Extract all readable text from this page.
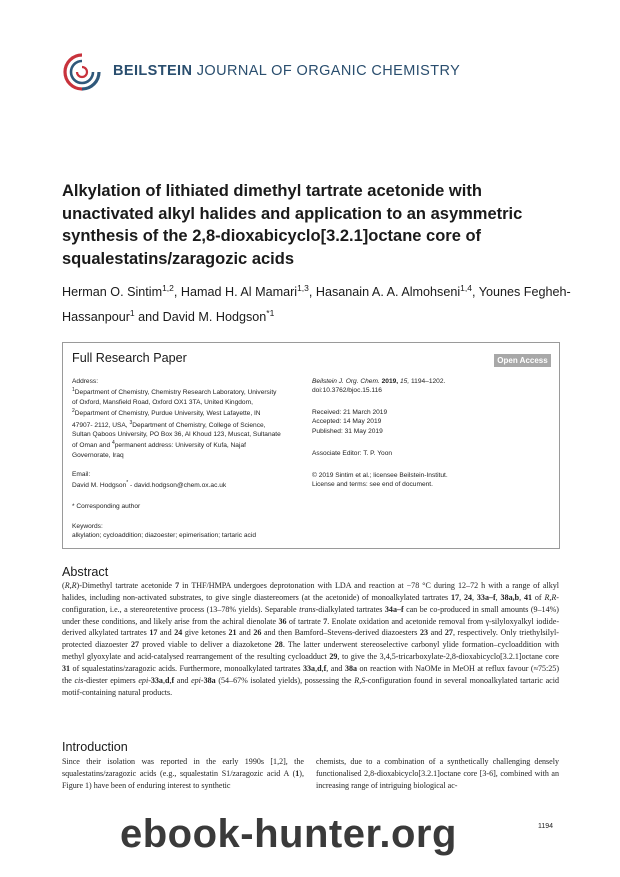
BEILSTEIN JOURNAL OF ORGANIC CHEMISTRY
Alkylation of lithiated dimethyl tartrate acetonide with unactivated alkyl halides and application to an asymmetric synthesis of the 2,8-dioxabicyclo[3.2.1]octane core of squalestatins/zaragozic acids
Herman O. Sintim$^{1,2}$, Hamad H. Al Mamari$^{1,3}$, Hasanain A. A. Almohseni$^{1,4}$, Younes Fegheh-Hassanpour$^1$ and David M. Hodgson$^{*1}$
Full Research Paper	Open Access
Address:
$^1$Department of Chemistry, Chemistry Research Laboratory, University of Oxford, Mansfield Road, Oxford OX1 3TA, United Kingdom, $^2$Department of Chemistry, Purdue University, West Lafayette, IN 47907- 2112, USA, $^3$Department of Chemistry, College of Science, Sultan Qaboos University, PO Box 36, Al Khoud 123, Muscat, Sultanate of Oman and $^4$permanent address: University of Kufa, Najaf Governorate, Iraq
Email:
David M. Hodgson* - david.hodgson@chem.ox.ac.uk
* Corresponding author
Keywords:
alkylation; cycloaddition; diazoester; epimerisation; tartaric acid
Beilstein J. Org. Chem. 2019, 15, 1194–1202.
doi:10.3762/bjoc.15.116
Received: 21 March 2019
Accepted: 14 May 2019
Published: 31 May 2019
Associate Editor: T. P. Yoon
© 2019 Sintim et al.; licensee Beilstein-Institut.
License and terms: see end of document.
Abstract
(R,R)-Dimethyl tartrate acetonide 7 in THF/HMPA undergoes deprotonation with LDA and reaction at −78 °C during 12–72 h with a range of alkyl halides, including non-activated substrates, to give single diastereomers (at the acetonide) of monoalkylated tartrates 17, 24, 33a–f, 38a,b, 41 of R,R-configuration, i.e., a stereoretentive process (13–78% yields). Separable trans-dialkylated tartrates 34a–f can be co-produced in small amounts (9–14%) under these conditions, and likely arise from the achiral dienolate 36 of tartrate 7. Enolate oxidation and acetonide removal from γ-silyloxyalkyl iodide-derived alkylated tartrates 17 and 24 give ketones 21 and 26 and then Bamford–Stevens-derived diazoesters 23 and 27, respectively. Only triethylsilyl-protected diazoester 27 proved viable to deliver a diazoketone 28. The latter underwent stereoselective carbonyl ylide formation–cycloaddition with methyl glyoxylate and acid-catalysed rearrangement of the resulting cycloadduct 29, to give the 3,4,5-tricarboxylate-2,8-dioxabicyclo[3.2.1]octane core 31 of squalestatins/zaragozic acids. Furthermore, monoalkylated tartrates 33a,d,f, and 38a on reaction with NaOMe in MeOH at reflux favour (≈75:25) the cis-diester epimers epi-33a,d,f and epi-38a (54–67% isolated yields), possessing the R,S-configuration found in several monoalkylated tartaric acid motif-containing natural products.
Introduction
Since their isolation was reported in the early 1990s [1,2], the squalestatins/zaragozic acids (e.g., squalestatin S1/zaragozic acid A (1), Figure 1) have been of enduring interest to synthetic
chemists, due to a combination of a synthetically challenging densely functionalised 2,8-dioxabicyclo[3.2.1]octane core [3-6], combined with an increasing range of intriguing biological ac-
1194
ebook-hunter.org
